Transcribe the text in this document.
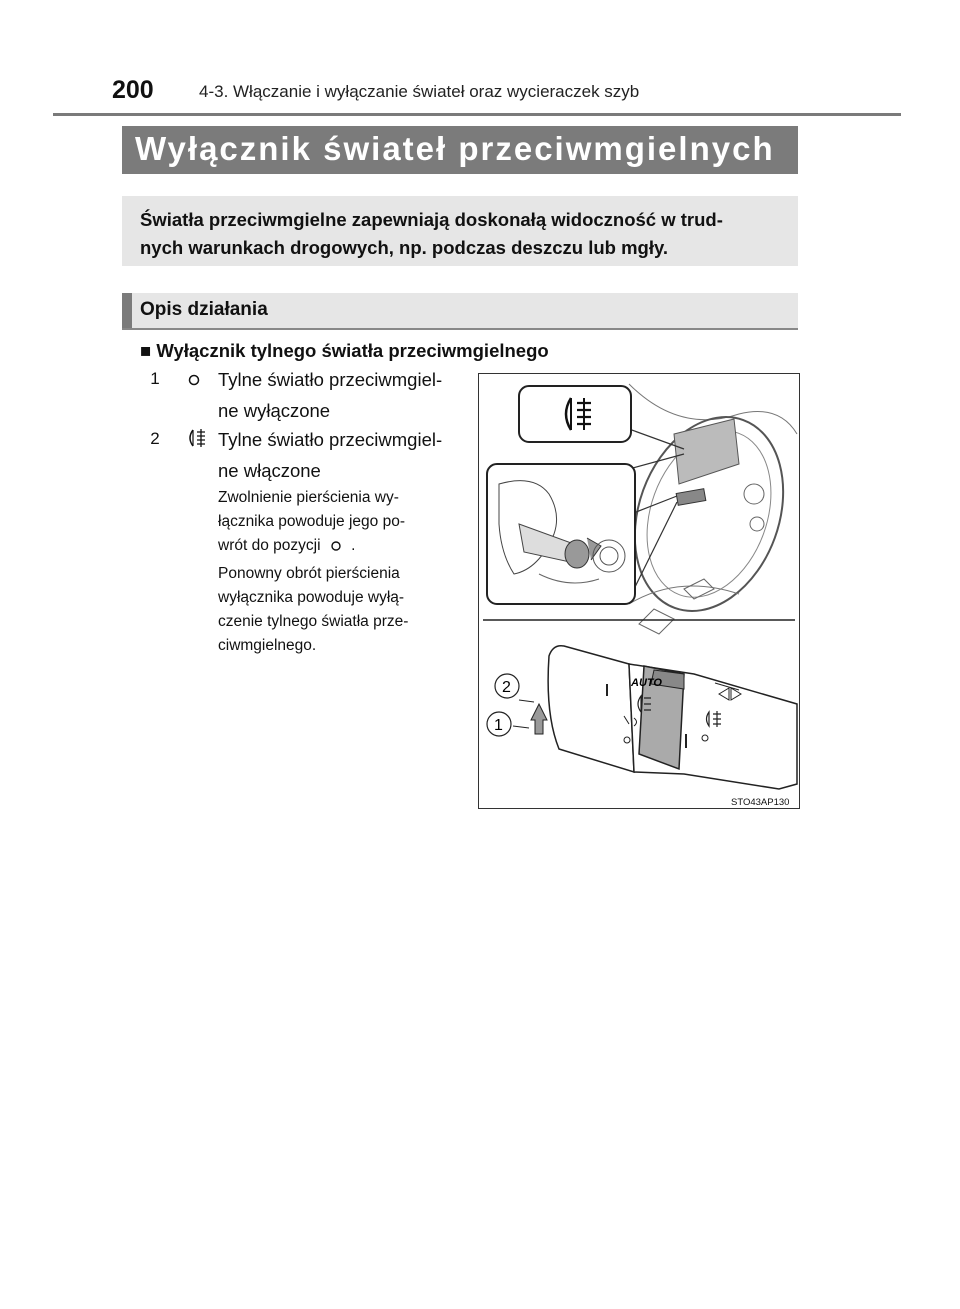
200	4-3. Włączanie i wyłączanie świateł oraz wycieraczek szyb
Wyłącznik świateł przeciwmgielnych
Światła przeciwmgielne zapewniają doskonałą widoczność w trud-
nych warunkach drogowych, np. podczas deszczu lub mgły.
Opis działania
■ Wyłącznik tylnego światła przeciwmgielnego
1	Tylne światło przeciwmgiel-
ne wyłączone
2	Tylne światło przeciwmgiel-
ne włączone
Zwolnienie pierścienia wy-
łącznika powoduje jego po-
wrót do pozycji .
Ponowny obrót pierścienia
wyłącznika powoduje wyłą-
czenie tylnego światła prze-
ciwmgielnego.
AUTO
2
1
STO43AP130
